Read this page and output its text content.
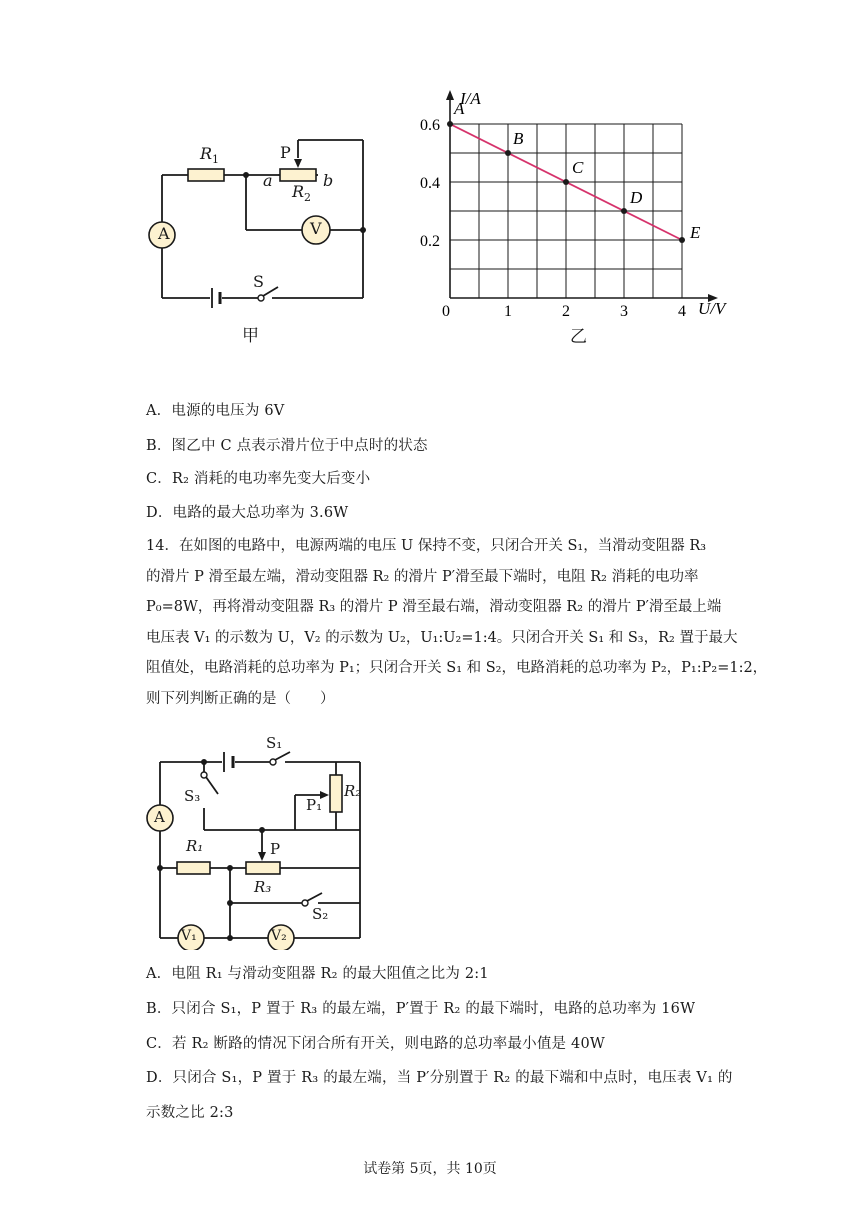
A	V
$R_1$
$R_2$
P
a	b
S
甲
I/A
U/V
0
0.2
0.4
0.6
1	2	3	4
A
B
C
D
E
乙
A．电源的电压为 6V
B．图乙中 C 点表示滑片位于中点时的状态
C．R₂ 消耗的电功率先变大后变小
D．电路的最大总功率为 3.6W

14．在如图的电路中，电源两端的电压 U 保持不变，只闭合开关 S₁，当滑动变阻器 R₃

的滑片 P 滑至最左端，滑动变阻器 R₂ 的滑片 P′滑至最下端时，电阻 R₂ 消耗的电功率

P₀=8W，再将滑动变阻器 R₃ 的滑片 P 滑至最右端，滑动变阻器 R₂ 的滑片 P′滑至最上端

电压表 V₁ 的示数为 U，V₂ 的示数为 U₂，U₁:U₂=1:4。只闭合开关 S₁ 和 S₃，R₂ 置于最大

阻值处，电路消耗的总功率为 P₁；只闭合开关 S₁ 和 S₂，电路消耗的总功率为 P₂，P₁:P₂=1:2，

则下列判断正确的是（　　）

A
V₁	V₂
S₁
S₃
S₂
R₂
P₁
R₁	P
R₃
A．电阻 R₁ 与滑动变阻器 R₂ 的最大阻值之比为 2:1
B．只闭合 S₁，P 置于 R₃ 的最左端，P′置于 R₂ 的最下端时，电路的总功率为 16W
C．若 R₂ 断路的情况下闭合所有开关，则电路的总功率最小值是 40W
D．只闭合 S₁，P 置于 R₃ 的最左端，当 P′分别置于 R₂ 的最下端和中点时，电压表 V₁ 的
示数之比 2:3
试卷第 5页，共 10页
